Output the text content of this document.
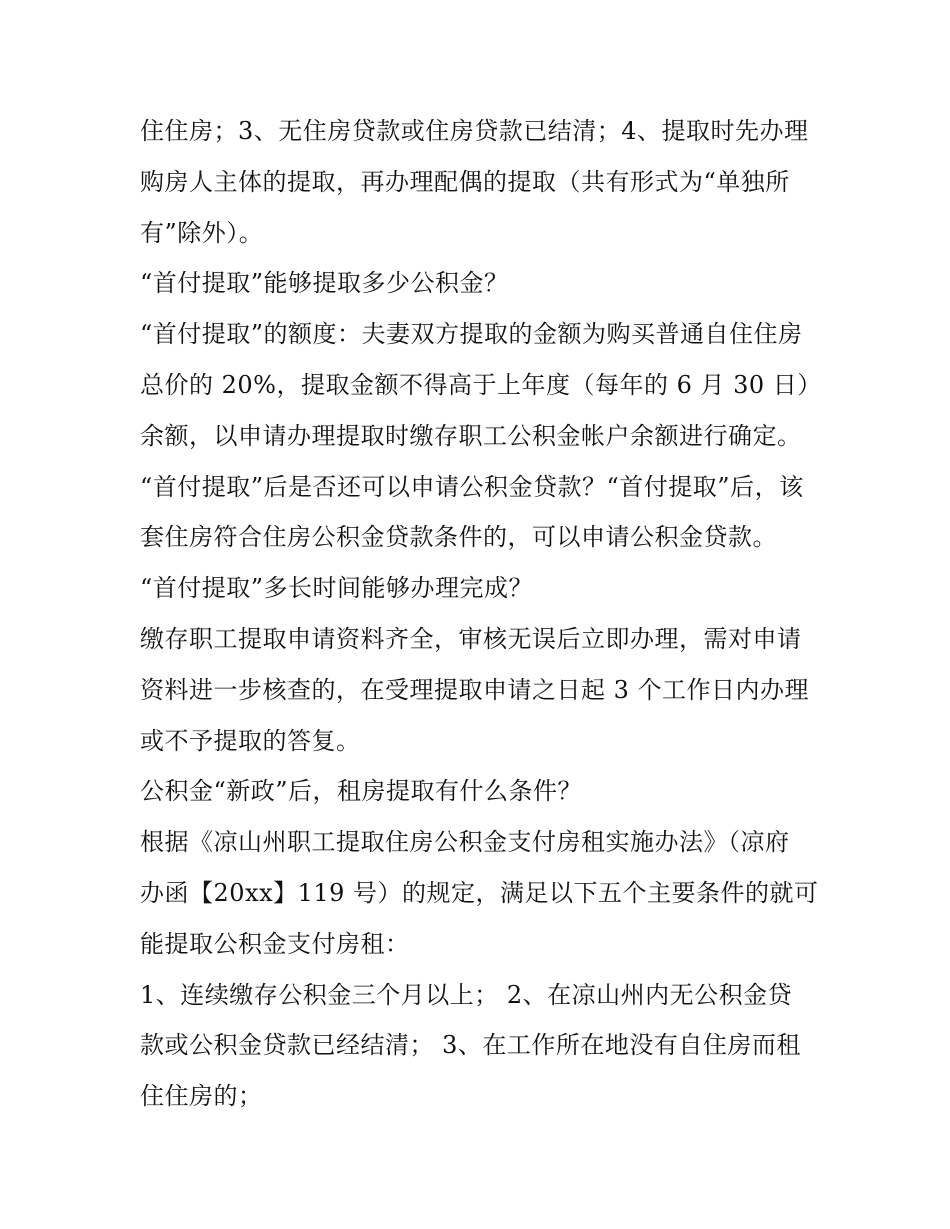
住住房；3、无住房贷款或住房贷款已结清；4、提取时先办理
购房人主体的提取，再办理配偶的提取（共有形式为“单独所
有”除外）。
“首付提取”能够提取多少公积金？
“首付提取”的额度：夫妻双方提取的金额为购买普通自住住房
总价的 20%，提取金额不得高于上年度（每年的 6 月 30 日）
余额，以申请办理提取时缴存职工公积金帐户余额进行确定。
“首付提取”后是否还可以申请公积金贷款？“首付提取”后，该
套住房符合住房公积金贷款条件的，可以申请公积金贷款。
“首付提取”多长时间能够办理完成？
缴存职工提取申请资料齐全，审核无误后立即办理，需对申请
资料进一步核查的，在受理提取申请之日起 3 个工作日内办理
或不予提取的答复。
公积金“新政”后，租房提取有什么条件？
根据《凉山州职工提取住房公积金支付房租实施办法》（凉府
办函【20xx】119 号）的规定，满足以下五个主要条件的就可
能提取公积金支付房租：
1、连续缴存公积金三个月以上； 2、在凉山州内无公积金贷
款或公积金贷款已经结清； 3、在工作所在地没有自住房而租
住住房的；
